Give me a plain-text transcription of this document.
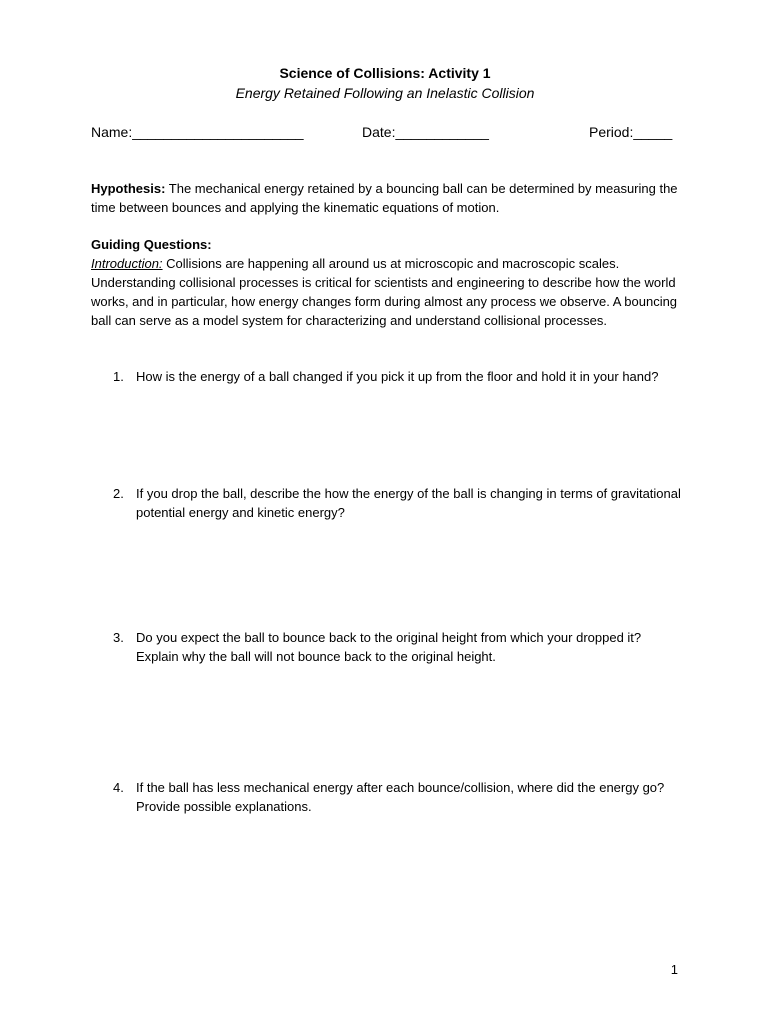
Science of Collisions: Activity 1
Energy Retained Following an Inelastic Collision
Name:______________________	Date:____________	Period:_____
Hypothesis: The mechanical energy retained by a bouncing ball can be determined by measuring the time between bounces and applying the kinematic equations of motion.
Guiding Questions:
Introduction: Collisions are happening all around us at microscopic and macroscopic scales. Understanding collisional processes is critical for scientists and engineering to describe how the world works, and in particular, how energy changes form during almost any process we observe. A bouncing ball can serve as a model system for characterizing and understand collisional processes.
1. How is the energy of a ball changed if you pick it up from the floor and hold it in your hand?
2. If you drop the ball, describe the how the energy of the ball is changing in terms of gravitational potential energy and kinetic energy?
3. Do you expect the ball to bounce back to the original height from which your dropped it? Explain why the ball will not bounce back to the original height.
4. If the ball has less mechanical energy after each bounce/collision, where did the energy go? Provide possible explanations.
1
